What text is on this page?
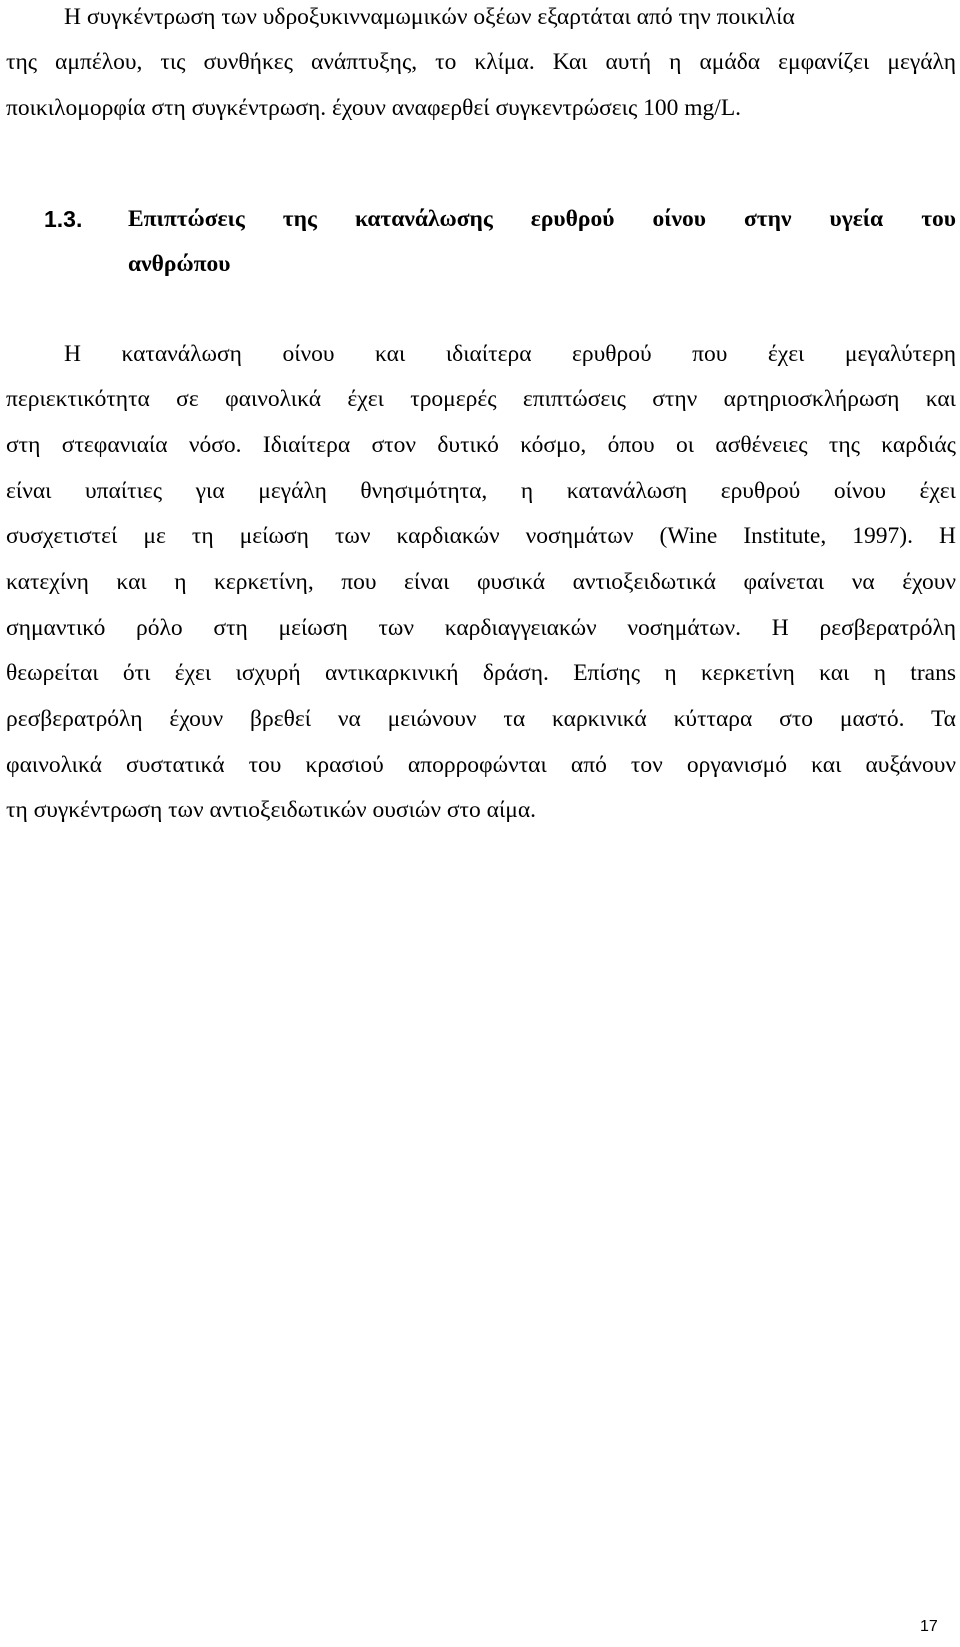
Η συγκέντρωση των υδροξυκινναμωμικών οξέων εξαρτάται από την ποικιλία
της αμπέλου, τις συνθήκες ανάπτυξης, το κλίμα. Και αυτή η αμάδα εμφανίζει μεγάλη
ποικιλομορφία στη συγκέντρωση. έχουν αναφερθεί συγκεντρώσεις 100 mg/L.
1.3. Επιπτώσεις της κατανάλωσης ερυθρού οίνου στην υγεία του
ανθρώπου
Η κατανάλωση οίνου και ιδιαίτερα ερυθρού που έχει μεγαλύτερη
περιεκτικότητα σε φαινολικά έχει τρομερές επιπτώσεις στην αρτηριοσκλήρωση και
στη στεφανιαία νόσο. Ιδιαίτερα στον δυτικό κόσμο, όπου οι ασθένειες της καρδιάς
είναι υπαίτιες για μεγάλη θνησιμότητα, η κατανάλωση ερυθρού οίνου έχει
συσχετιστεί με τη μείωση των καρδιακών νοσημάτων (Wine Institute, 1997). Η
κατεχίνη και η κερκετίνη, που είναι φυσικά αντιοξειδωτικά φαίνεται να έχουν
σημαντικό ρόλο στη μείωση των καρδιαγγειακών νοσημάτων. Η ρεσβερατρόλη
θεωρείται ότι έχει ισχυρή αντικαρκινική δράση. Επίσης η κερκετίνη και η trans
ρεσβερατρόλη έχουν βρεθεί να μειώνουν τα καρκινικά κύτταρα στο μαστό. Τα
φαινολικά συστατικά του κρασιού απορροφώνται από τον οργανισμό και αυξάνουν
τη συγκέντρωση των αντιοξειδωτικών ουσιών στο αίμα.
17
